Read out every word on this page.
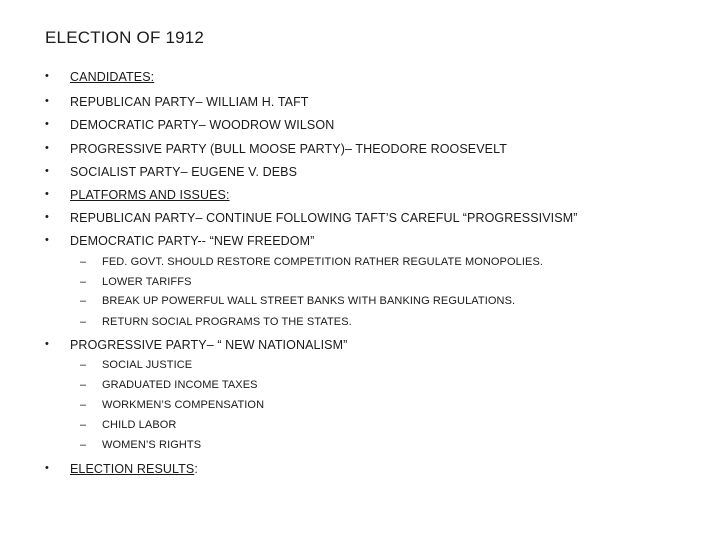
ELECTION OF 1912
• CANDIDATES:
• REPUBLICAN PARTY– WILLIAM H. TAFT
• DEMOCRATIC PARTY– WOODROW WILSON
• PROGRESSIVE PARTY (BULL MOOSE PARTY)– THEODORE ROOSEVELT
• SOCIALIST PARTY– EUGENE V. DEBS
• PLATFORMS AND ISSUES:
• REPUBLICAN PARTY– CONTINUE FOLLOWING TAFT’S CAREFUL “PROGRESSIVISM”
• DEMOCRATIC PARTY-- “NEW FREEDOM”
– FED. GOVT. SHOULD RESTORE COMPETITION RATHER REGULATE MONOPOLIES.
– LOWER TARIFFS
– BREAK UP POWERFUL WALL STREET BANKS WITH BANKING REGULATIONS.
– RETURN SOCIAL PROGRAMS TO THE STATES.
• PROGRESSIVE PARTY– “ NEW NATIONALISM”
– SOCIAL JUSTICE
– GRADUATED INCOME TAXES
– WORKMEN’S COMPENSATION
– CHILD LABOR
– WOMEN’S RIGHTS
• ELECTION RESULTS:
